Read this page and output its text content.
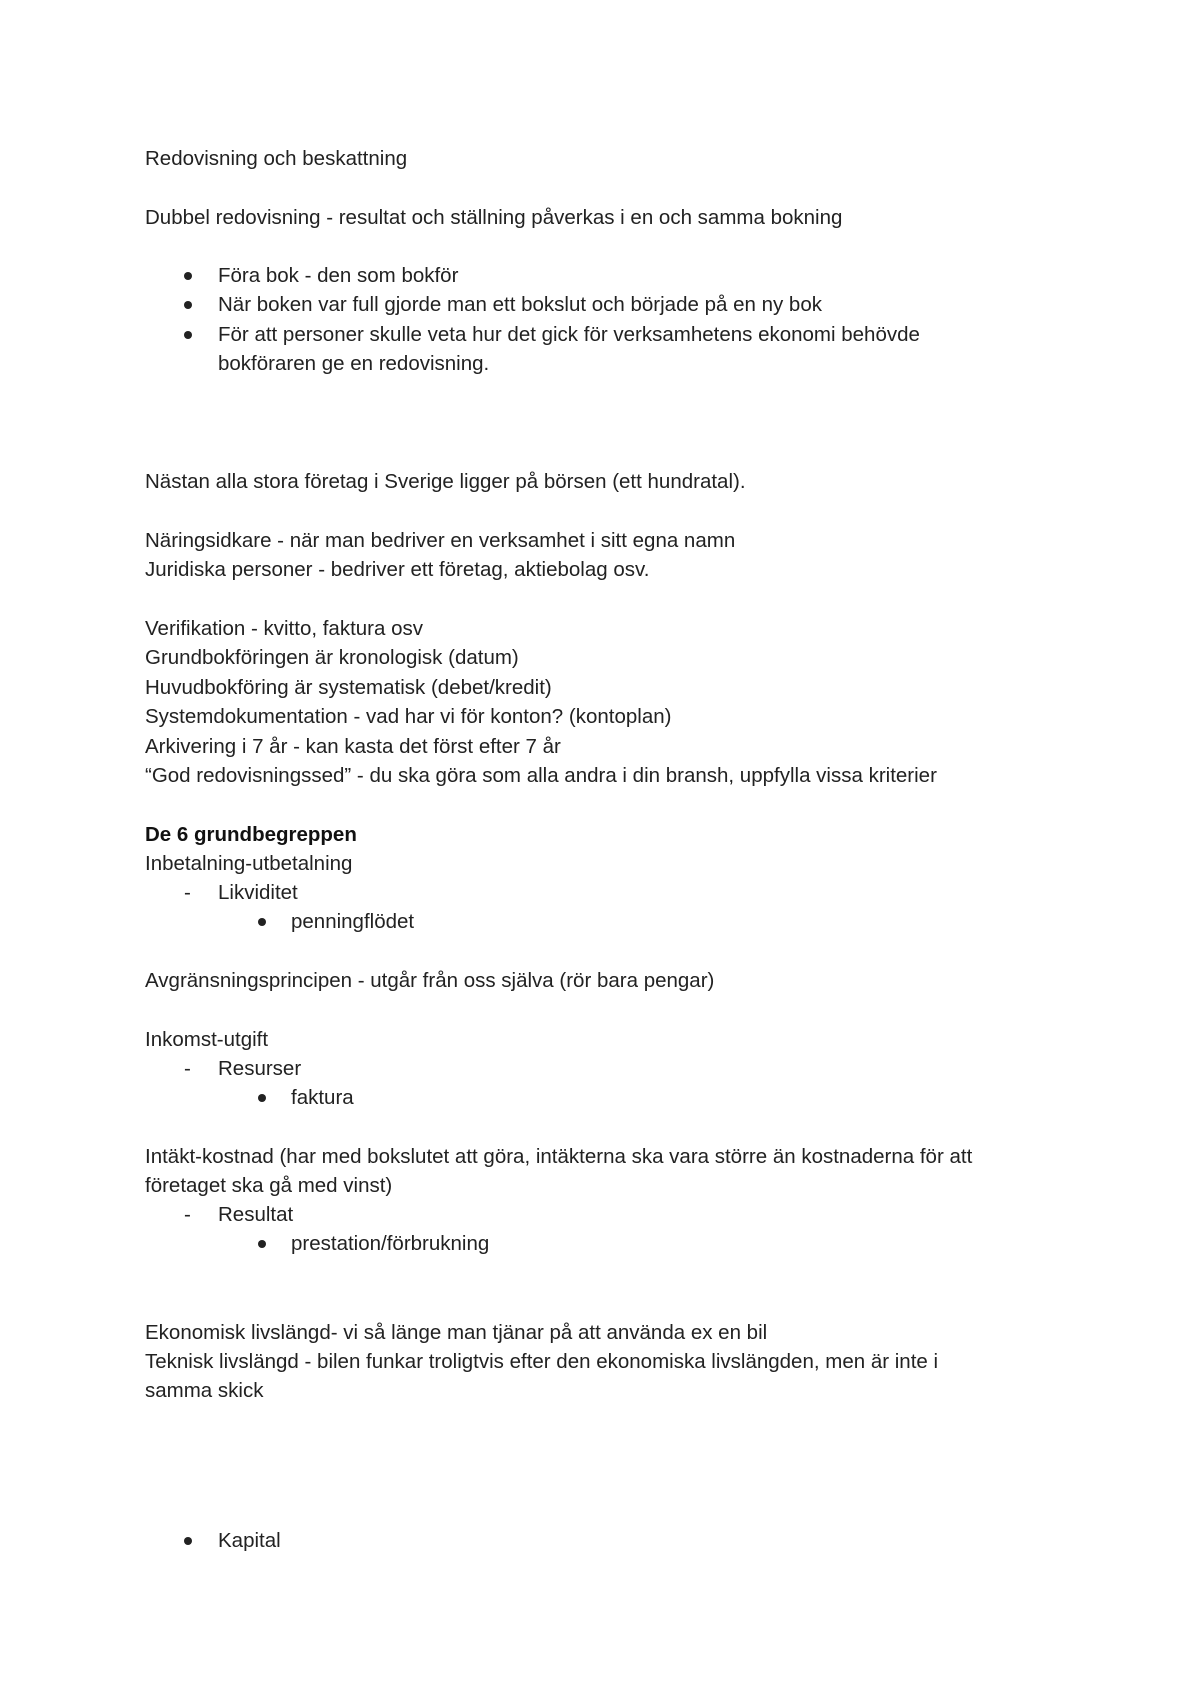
Redovisning och beskattning
Dubbel redovisning - resultat och ställning påverkas i en och samma bokning
Föra bok - den som bokför
När boken var full gjorde man ett bokslut och började på en ny bok
För att personer skulle veta hur det gick för verksamhetens ekonomi behövde
bokföraren ge en redovisning.
Nästan alla stora företag i Sverige ligger på börsen (ett hundratal).
Näringsidkare - när man bedriver en verksamhet i sitt egna namn
Juridiska personer - bedriver ett företag, aktiebolag osv.
Verifikation - kvitto, faktura osv
Grundbokföringen är kronologisk (datum)
Huvudbokföring är systematisk (debet/kredit)
Systemdokumentation - vad har vi för konton? (kontoplan)
Arkivering i 7 år - kan kasta det först efter 7 år
“God redovisningssed” - du ska göra som alla andra i din bransh, uppfylla vissa kriterier
De 6 grundbegreppen
Inbetalning-utbetalning
- Likviditet
penningflödet
Avgränsningsprincipen - utgår från oss själva (rör bara pengar)
Inkomst-utgift
- Resurser
faktura
Intäkt-kostnad (har med bokslutet att göra, intäkterna ska vara större än kostnaderna för att
företaget ska gå med vinst)
- Resultat
prestation/förbrukning
Ekonomisk livslängd- vi så länge man tjänar på att använda ex en bil
Teknisk livslängd - bilen funkar troligtvis efter den ekonomiska livslängden, men är inte i
samma skick
Kapital
